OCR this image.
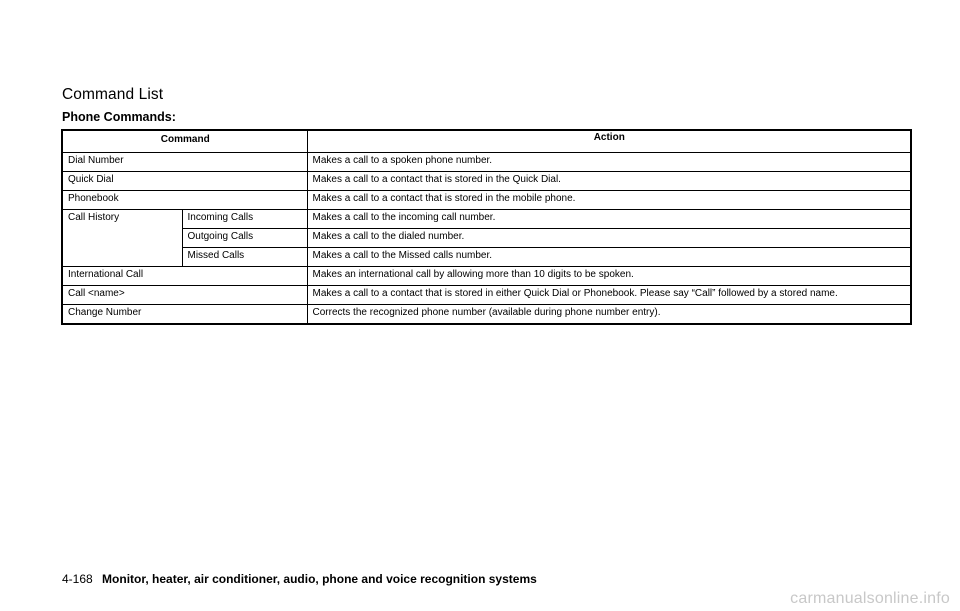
Command List
Phone Commands:
Command		Action
Dial Number		Makes a call to a spoken phone number.
Quick Dial		Makes a call to a contact that is stored in the Quick Dial.
Phonebook		Makes a call to a contact that is stored in the mobile phone.
Call History	Incoming Calls	Makes a call to the incoming call number.
	Outgoing Calls	Makes a call to the dialed number.
	Missed Calls	Makes a call to the Missed calls number.
International Call		Makes an international call by allowing more than 10 digits to be spoken.
Call <name>		Makes a call to a contact that is stored in either Quick Dial or Phonebook. Please say “Call” followed by a stored name.
Change Number		Corrects the recognized phone number (available during phone number entry).
4-168 Monitor, heater, air conditioner, audio, phone and voice recognition systems
carmanualsonline.info
